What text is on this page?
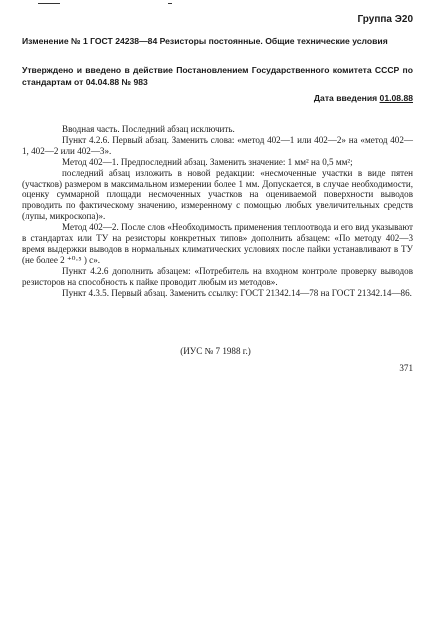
Группа Э20
Изменение № 1 ГОСТ 24238—84 Резисторы постоянные. Общие технические условия
Утверждено и введено в действие Постановлением Государственного комитета СССР по стандартам от 04.04.88 № 983
Дата введения 01.08.88

Вводная часть. Последний абзац исключить.

Пункт 4.2.6. Первый абзац. Заменить слова: «метод 402—1 или 402—2» на «метод 402—1, 402—2 или 402—3».

Метод 402—1. Предпоследний абзац. Заменить значение: 1 мм² на 0,5 мм²;

последний абзац изложить в новой редакции: «несмоченные участки в виде пятен (участков) размером в максимальном измерении более 1 мм. Допускается, в случае необходимости, оценку суммарной площади несмоченных участков на оцениваемой поверхности выводов проводить по фактическому значению, измеренному с помощью любых увеличительных средств (лупы, микроскопа)».

Метод 402—2. После слов «Необходимость применения теплоотвода и его вид указывают в стандартах или ТУ на резисторы конкретных типов» дополнить абзацем: «По методу 402—3 время выдержки выводов в нормальных климатических условиях после пайки устанавливают в ТУ (не более 2 ⁺⁰·⁵ ) с».

Пункт 4.2.6 дополнить абзацем: «Потребитель на входном контроле проверку выводов резисторов на способность к пайке проводит любым из методов».

Пункт 4.3.5. Первый абзац. Заменить ссылку: ГОСТ 21342.14—78 на ГОСТ 21342.14—86.

(ИУС № 7 1988 г.)
371
